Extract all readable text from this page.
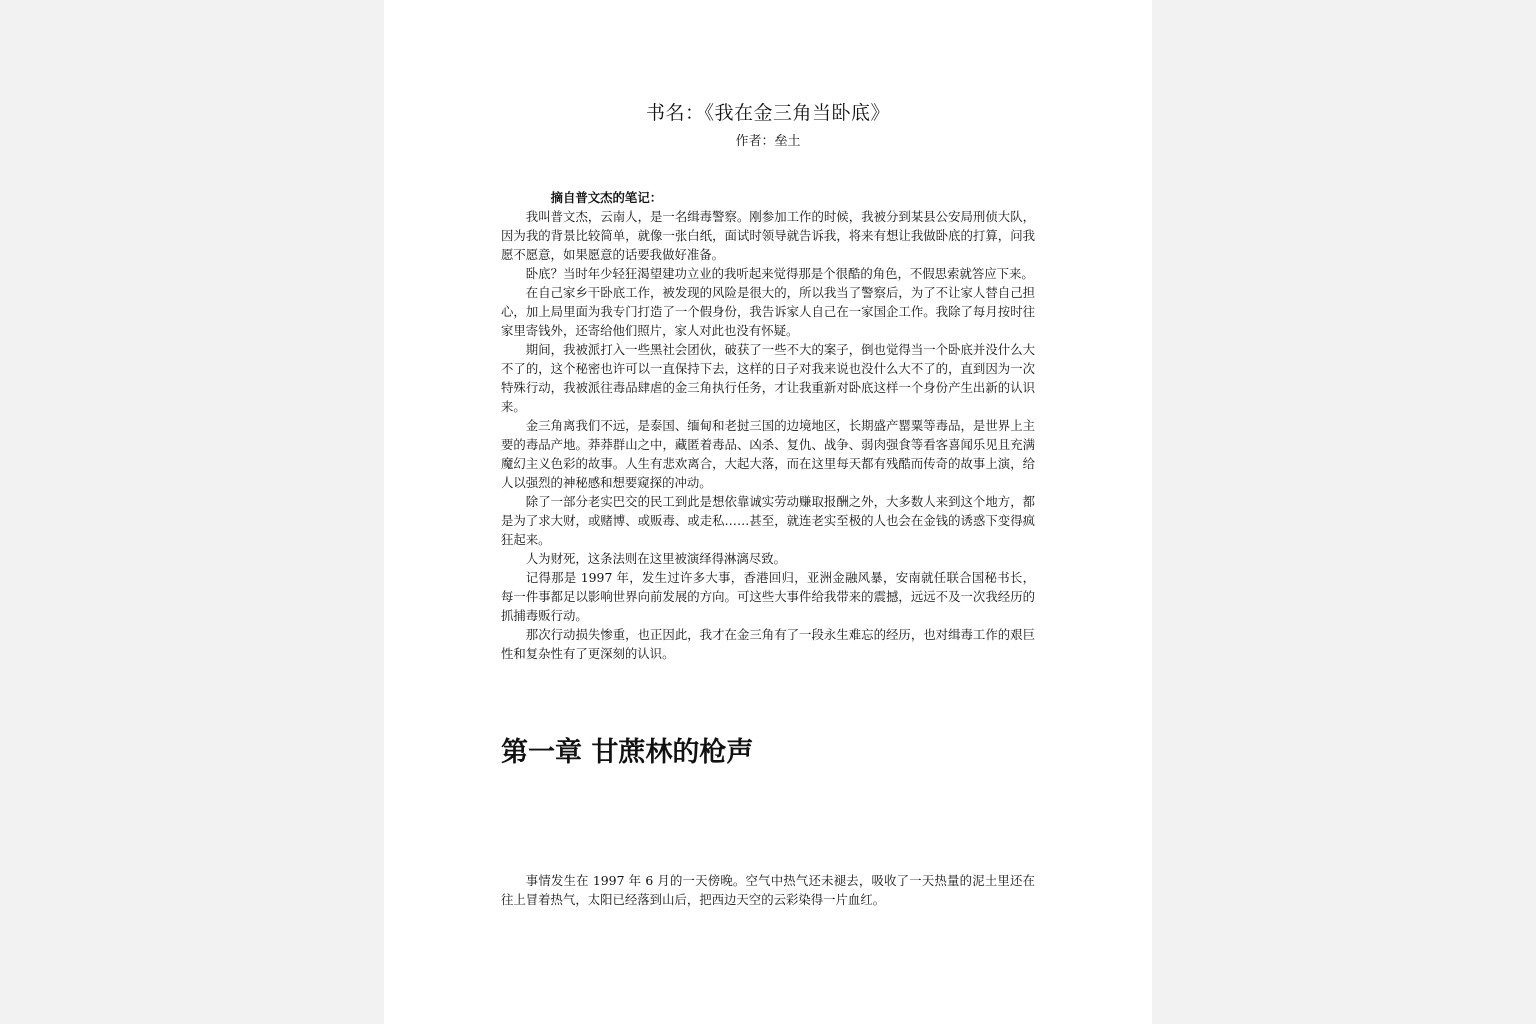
书名：《我在金三角当卧底》
作者：垒土

摘自普文杰的笔记：

我叫普文杰，云南人，是一名缉毒警察。刚参加工作的时候，我被分到某县公安局刑侦大队，因为我的背景比较简单，就像一张白纸，面试时领导就告诉我，将来有想让我做卧底的打算，问我愿不愿意，如果愿意的话要我做好准备。

卧底？当时年少轻狂渴望建功立业的我听起来觉得那是个很酷的角色，不假思索就答应下来。

在自己家乡干卧底工作，被发现的风险是很大的，所以我当了警察后，为了不让家人替自己担心，加上局里面为我专门打造了一个假身份，我告诉家人自己在一家国企工作。我除了每月按时往家里寄钱外，还寄给他们照片，家人对此也没有怀疑。

期间，我被派打入一些黑社会团伙，破获了一些不大的案子，倒也觉得当一个卧底并没什么大不了的，这个秘密也许可以一直保持下去，这样的日子对我来说也没什么大不了的，直到因为一次特殊行动，我被派往毒品肆虐的金三角执行任务，才让我重新对卧底这样一个身份产生出新的认识来。

金三角离我们不远，是泰国、缅甸和老挝三国的边境地区，长期盛产罂粟等毒品，是世界上主要的毒品产地。莽莽群山之中，藏匿着毒品、凶杀、复仇、战争、弱肉强食等看客喜闻乐见且充满魔幻主义色彩的故事。人生有悲欢离合，大起大落，而在这里每天都有残酷而传奇的故事上演，给人以强烈的神秘感和想要窥探的冲动。

除了一部分老实巴交的民工到此是想依靠诚实劳动赚取报酬之外，大多数人来到这个地方，都是为了求大财，或赌博、或贩毒、或走私……甚至，就连老实至极的人也会在金钱的诱惑下变得疯狂起来。

人为财死，这条法则在这里被演绎得淋漓尽致。

记得那是 1997 年，发生过许多大事，香港回归，亚洲金融风暴，安南就任联合国秘书长，每一件事都足以影响世界向前发展的方向。可这些大事件给我带来的震撼，远远不及一次我经历的抓捕毒贩行动。

那次行动损失惨重，也正因此，我才在金三角有了一段永生难忘的经历，也对缉毒工作的艰巨性和复杂性有了更深刻的认识。

第一章 甘蔗林的枪声

事情发生在 1997 年 6 月的一天傍晚。空气中热气还未褪去，吸收了一天热量的泥土里还在往上冒着热气，太阳已经落到山后，把西边天空的云彩染得一片血红。
